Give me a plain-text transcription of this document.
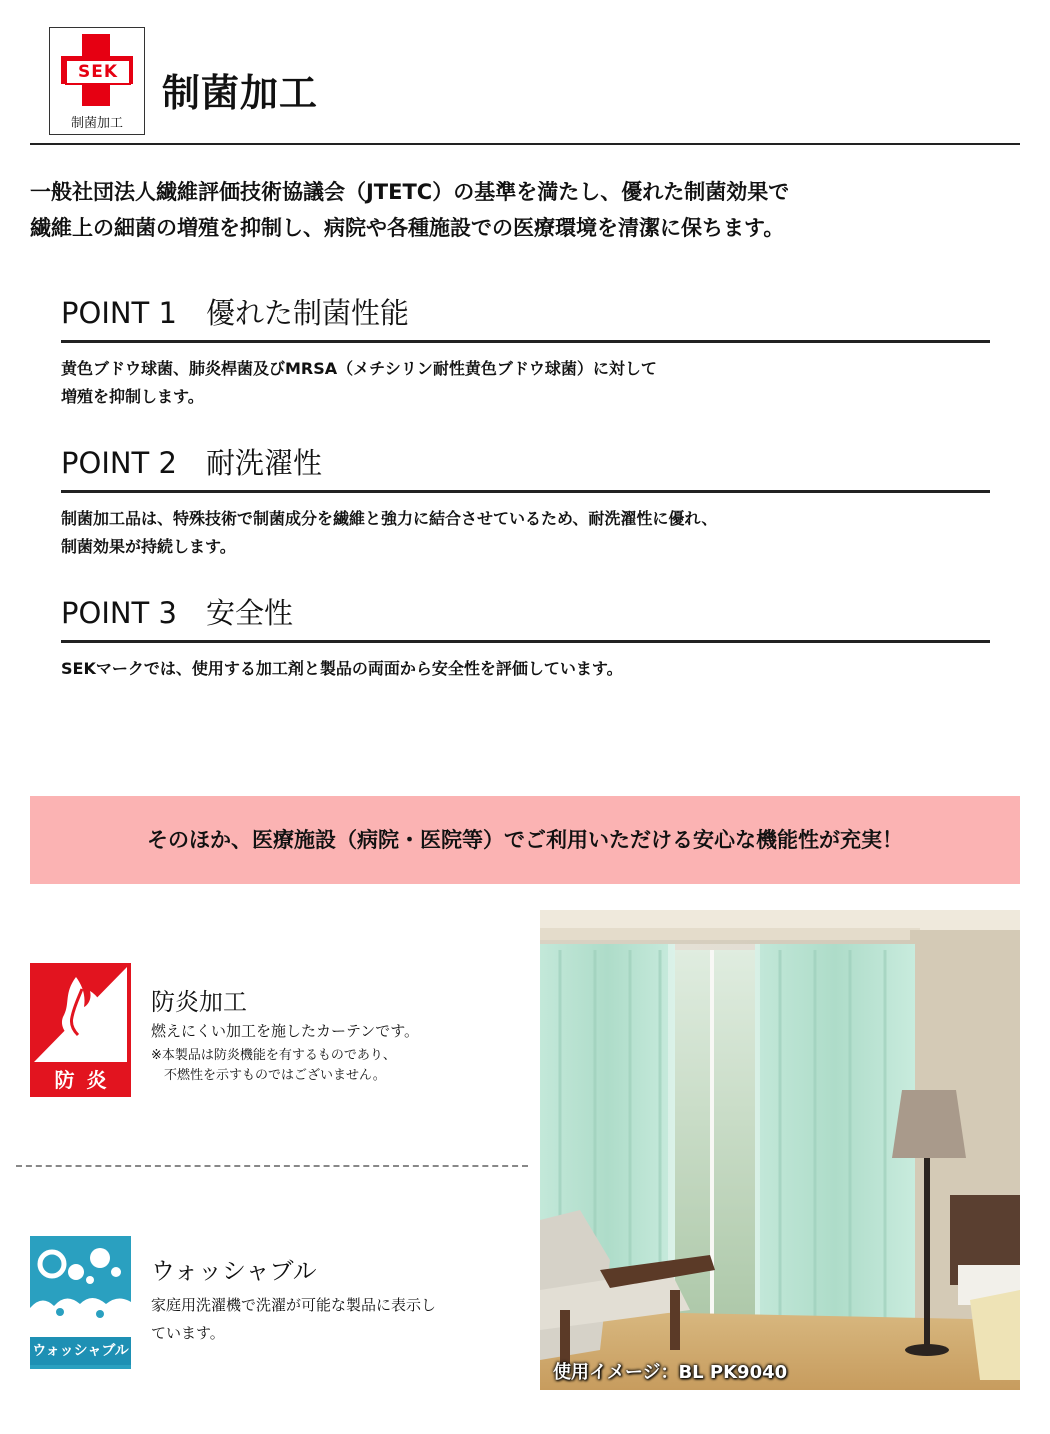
SEK
制菌加工
制菌加工

一般社団法人繊維評価技術協議会（JTETC）の基準を満たし、優れた制菌効果で

繊維上の細菌の増殖を抑制し、病院や各種施設での医療環境を清潔に保ちます。

POINT 1　優れた制菌性能

黄色ブドウ球菌、肺炎桿菌及びMRSA（メチシリン耐性黄色ブドウ球菌）に対して

増殖を抑制します。

POINT 2　耐洗濯性

制菌加工品は、特殊技術で制菌成分を繊維と強力に結合させているため、耐洗濯性に優れ、

制菌効果が持続します。

POINT 3　安全性

SEKマークでは、使用する加工剤と製品の両面から安全性を評価しています。

そのほか、医療施設（病院・医院等）でご利用いただける安心な機能性が充実！
防炎
防炎加工
燃えにくい加工を施したカーテンです。

※本製品は防炎機能を有するものであり、

　不燃性を示すものではございません。

ウォッシャブル
ウォッシャブル

家庭用洗濯機で洗濯が可能な製品に表示し

ています。

使用イメージ：BL PK9040
